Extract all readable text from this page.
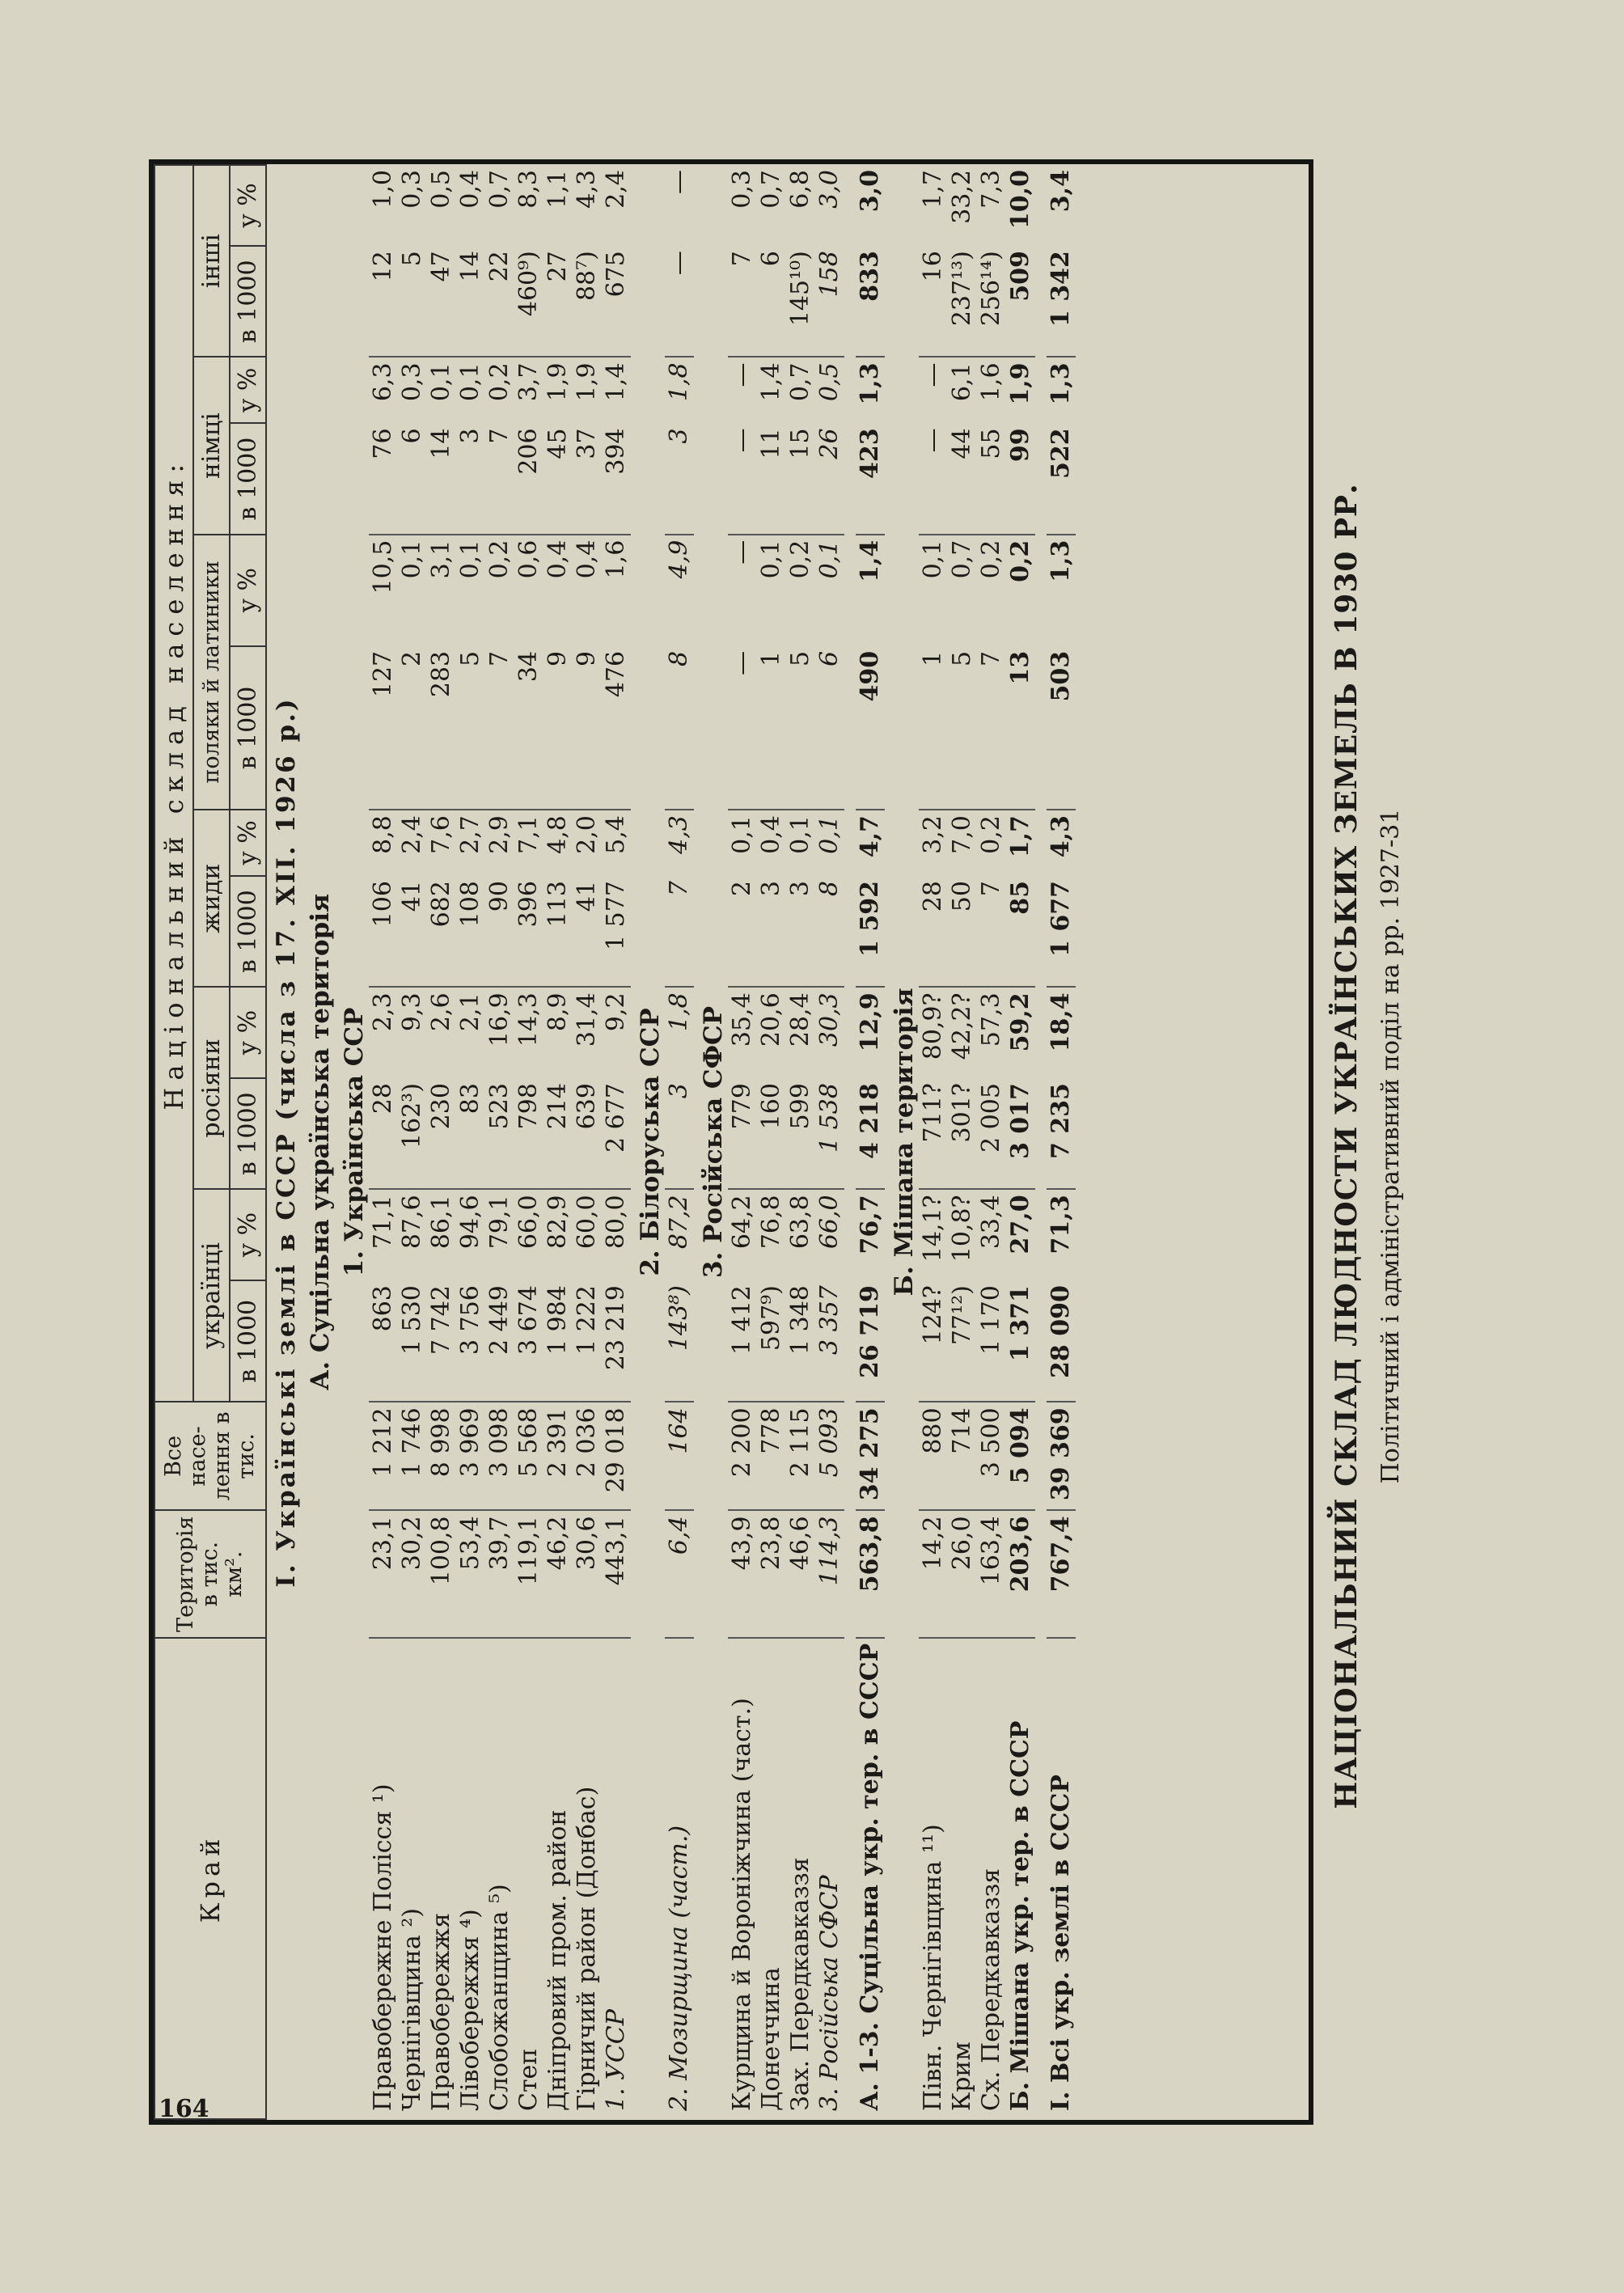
164
Край	Територія в тис. км².	Все насе-лення в тис.	Національний склад населення:											
			українці		росіяни		жиди		поляки й латиники		німці		інші	
			в 1000	у %	в 1000	у %	в 1000	у %	в 1000	у %	в 1000	у %	в 1000	у %
I. Українські землі в СССР (числа з 17. XII. 1926 р.)														
А. Суцільна українська територія														
1. Українська ССР														
Правобережне Полісся ¹)	23,1	1 212	863	71,1	28	2,3	106	8,8	127	10,5	76	6,3	12	1,0
Чернігівщина ²)	30,2	1 746	1 530	87,6	162³)	9,3	41	2,4	2	0,1	6	0,3	5	0,3
Правобережжя	100,8	8 998	7 742	86,1	230	2,6	682	7,6	283	3,1	14	0,1	47	0,5
Лівобережжя ⁴)	53,4	3 969	3 756	94,6	83	2,1	108	2,7	5	0,1	3	0,1	14	0,4
Слобожанщина ⁵)	39,7	3 098	2 449	79,1	523	16,9	90	2,9	7	0,2	7	0,2	22	0,7
Степ	119,1	5 568	3 674	66,0	798	14,3	396	7,1	34	0,6	206	3,7	460⁹)	8,3
Дніпровий пром. район	46,2	2 391	1 984	82,9	214	8,9	113	4,8	9	0,4	45	1,9	27	1,1
Гірничий район (Донбас)	30,6	2 036	1 222	60,0	639	31,4	41	2,0	9	0,4	37	1,9	88⁷)	4,3
1. УССР	443,1	29 018	23 219	80,0	2 677	9,2	1 577	5,4	476	1,6	394	1,4	675	2,4
2. Білоруська ССР														
2. Мозирщина (част.)	6,4	164	143⁸)	87,2	3	1,8	7	4,3	8	4,9	3	1,8	—	—
3. Російська СФСР														
Курщина й Вороніжчина (част.)	43,9	2 200	1 412	64,2	779	35,4	2	0,1	—	—	—	—	7	0,3
Донеччина	23,8	778	597⁹)	76,8	160	20,6	3	0,4	1	0,1	11	1,4	6	0,7
Зах. Передкавказзя	46,6	2 115	1 348	63,8	599	28,4	3	0,1	5	0,2	15	0,7	145¹⁰)	6,8
3. Російська СФСР	114,3	5 093	3 357	66,0	1 538	30,3	8	0,1	6	0,1	26	0,5	158	3,0

А. 1-3. Суцільна укр. тер. в СССР	563,8	34 275	26 719	76,7	4 218	12,9	1 592	4,7	490	1,4	423	1,3	833	3,0
Б. Мішана територія														
Півн. Чернігівщина ¹¹)	14,2	880	124?	14,1?	711?	80,9?	28	3,2	1	0,1	—	—	16	1,7
Крим	26,0	714	77¹²)	10,8?	301?	42,2?	50	7,0	5	0,7	44	6,1	237¹³)	33,2
Сх. Передкавказзя	163,4	3 500	1 170	33,4	2 005	57,3	7	0,2	7	0,2	55	1,6	256¹⁴)	7,3
Б. Мішана укр. тер. в СССР	203,6	5 094	1 371	27,0	3 017	59,2	85	1,7	13	0,2	99	1,9	509	10,0

I. Всі укр. землі в СССР	767,4	39 369	28 090	71,3	7 235	18,4	1 677	4,3	503	1,3	522	1,3	1 342	3,4
НАЦІОНАЛЬНИЙ СКЛАД ЛЮДНОСТИ УКРАЇНСЬКИХ ЗЕМЕЛЬ В 1930 РР. Політичний і адміністративний поділ на рр. 1927-31
